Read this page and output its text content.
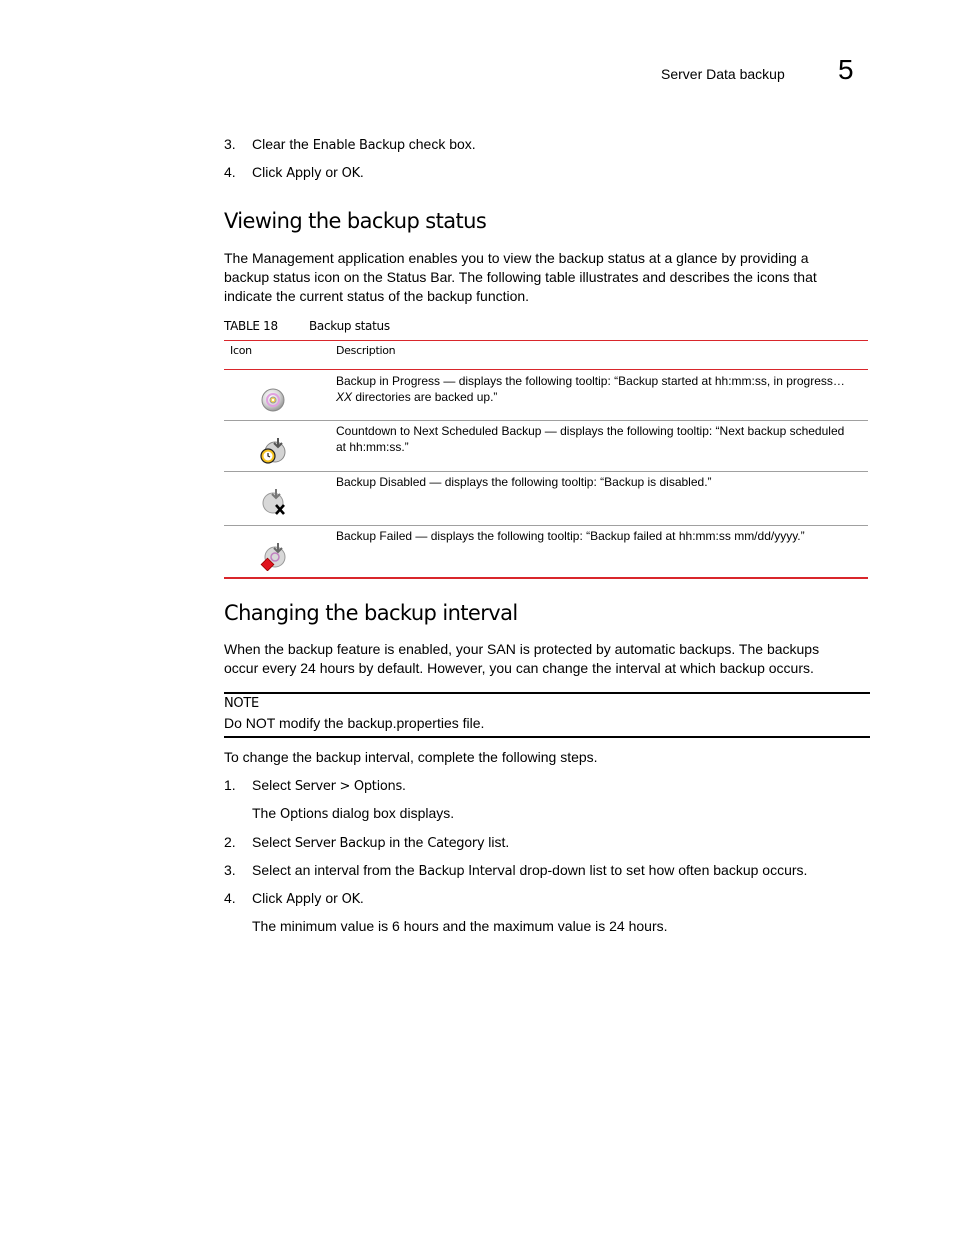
Server Data backup 5
3. Clear the Enable Backup check box.
4. Click Apply or OK.
Viewing the backup status
The Management application enables you to view the backup status at a glance by providing a
backup status icon on the Status Bar. The following table illustrates and describes the icons that
indicate the current status of the backup function.
TABLE 18	Backup status
Icon	Description
Backup in Progress — displays the following tooltip: “Backup started at hh:mm:ss, in progress…
XX directories are backed up.”
Countdown to Next Scheduled Backup — displays the following tooltip: “Next backup scheduled
at hh:mm:ss.”
Backup Disabled — displays the following tooltip: “Backup is disabled.”
Backup Failed — displays the following tooltip: “Backup failed at hh:mm:ss mm/dd/yyyy.”
Changing the backup interval
When the backup feature is enabled, your SAN is protected by automatic backups. The backups
occur every 24 hours by default. However, you can change the interval at which backup occurs.
NOTE
Do NOT modify the backup.properties file.
To change the backup interval, complete the following steps.
1. Select Server > Options.
The Options dialog box displays.
2. Select Server Backup in the Category list.
3. Select an interval from the Backup Interval drop-down list to set how often backup occurs.
4. Click Apply or OK.
The minimum value is 6 hours and the maximum value is 24 hours.
